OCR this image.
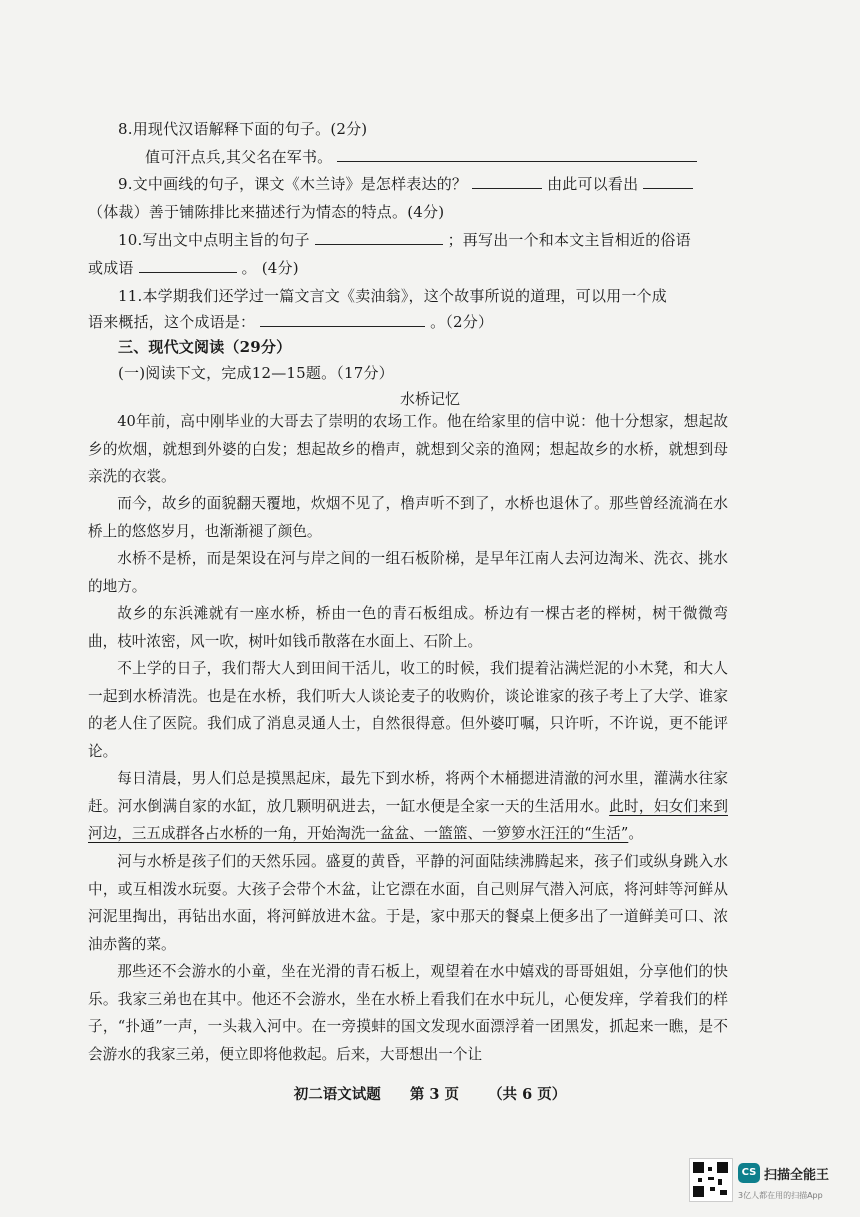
8.用现代汉语解释下面的句子。(2分)
值可汗点兵,其父名在军书。
9.文中画线的句子，课文《木兰诗》是怎样表达的？	由此可以看出
（体裁）善于铺陈排比来描述行为情态的特点。(4分)
10.写出文中点明主旨的句子	；再写出一个和本文主旨相近的俗语
或成语	。 (4分)
11.本学期我们还学过一篇文言文《卖油翁》，这个故事所说的道理，可以用一个成
语来概括，这个成语是：	。（2分）
三、现代文阅读（29分）
(一)阅读下文，完成12—15题。（17分）
水桥记忆
40年前，高中刚毕业的大哥去了崇明的农场工作。他在给家里的信中说：他十分想家，想起故乡的炊烟，就想到外婆的白发；想起故乡的橹声，就想到父亲的渔网；想起故乡的水桥，就想到母亲洗的衣裳。
而今，故乡的面貌翻天覆地，炊烟不见了，橹声听不到了，水桥也退休了。那些曾经流淌在水桥上的悠悠岁月，也渐渐褪了颜色。
水桥不是桥，而是架设在河与岸之间的一组石板阶梯，是早年江南人去河边淘米、洗衣、挑水的地方。
故乡的东浜滩就有一座水桥，桥由一色的青石板组成。桥边有一棵古老的榉树，树干微微弯曲，枝叶浓密，风一吹，树叶如钱币散落在水面上、石阶上。
不上学的日子，我们帮大人到田间干活儿，收工的时候，我们提着沾满烂泥的小木凳，和大人一起到水桥清洗。也是在水桥，我们听大人谈论麦子的收购价，谈论谁家的孩子考上了大学、谁家的老人住了医院。我们成了消息灵通人士，自然很得意。但外婆叮嘱，只许听，不许说，更不能评论。
每日清晨，男人们总是摸黑起床，最先下到水桥，将两个木桶摁进清澈的河水里，灌满水往家赶。河水倒满自家的水缸，放几颗明矾进去，一缸水便是全家一天的生活用水。此时，妇女们来到河边，三五成群各占水桥的一角，开始淘洗一盆盆、一篮篮、一箩箩水汪汪的“生活”。
河与水桥是孩子们的天然乐园。盛夏的黄昏，平静的河面陆续沸腾起来，孩子们或纵身跳入水中，或互相泼水玩耍。大孩子会带个木盆，让它漂在水面，自己则屏气潜入河底，将河蚌等河鲜从河泥里掏出，再钻出水面，将河鲜放进木盆。于是，家中那天的餐桌上便多出了一道鲜美可口、浓油赤酱的菜。
那些还不会游水的小童，坐在光滑的青石板上，观望着在水中嬉戏的哥哥姐姐，分享他们的快乐。我家三弟也在其中。他还不会游水，坐在水桥上看我们在水中玩儿，心便发痒，学着我们的样子，“扑通”一声，一头栽入河中。在一旁摸蚌的国文发现水面漂浮着一团黑发，抓起来一瞧，是不会游水的我家三弟，便立即将他救起。后来，大哥想出一个让
初二语文试题 第 3 页 （共 6 页）
CS 扫描全能王
3亿人都在用的扫描App
